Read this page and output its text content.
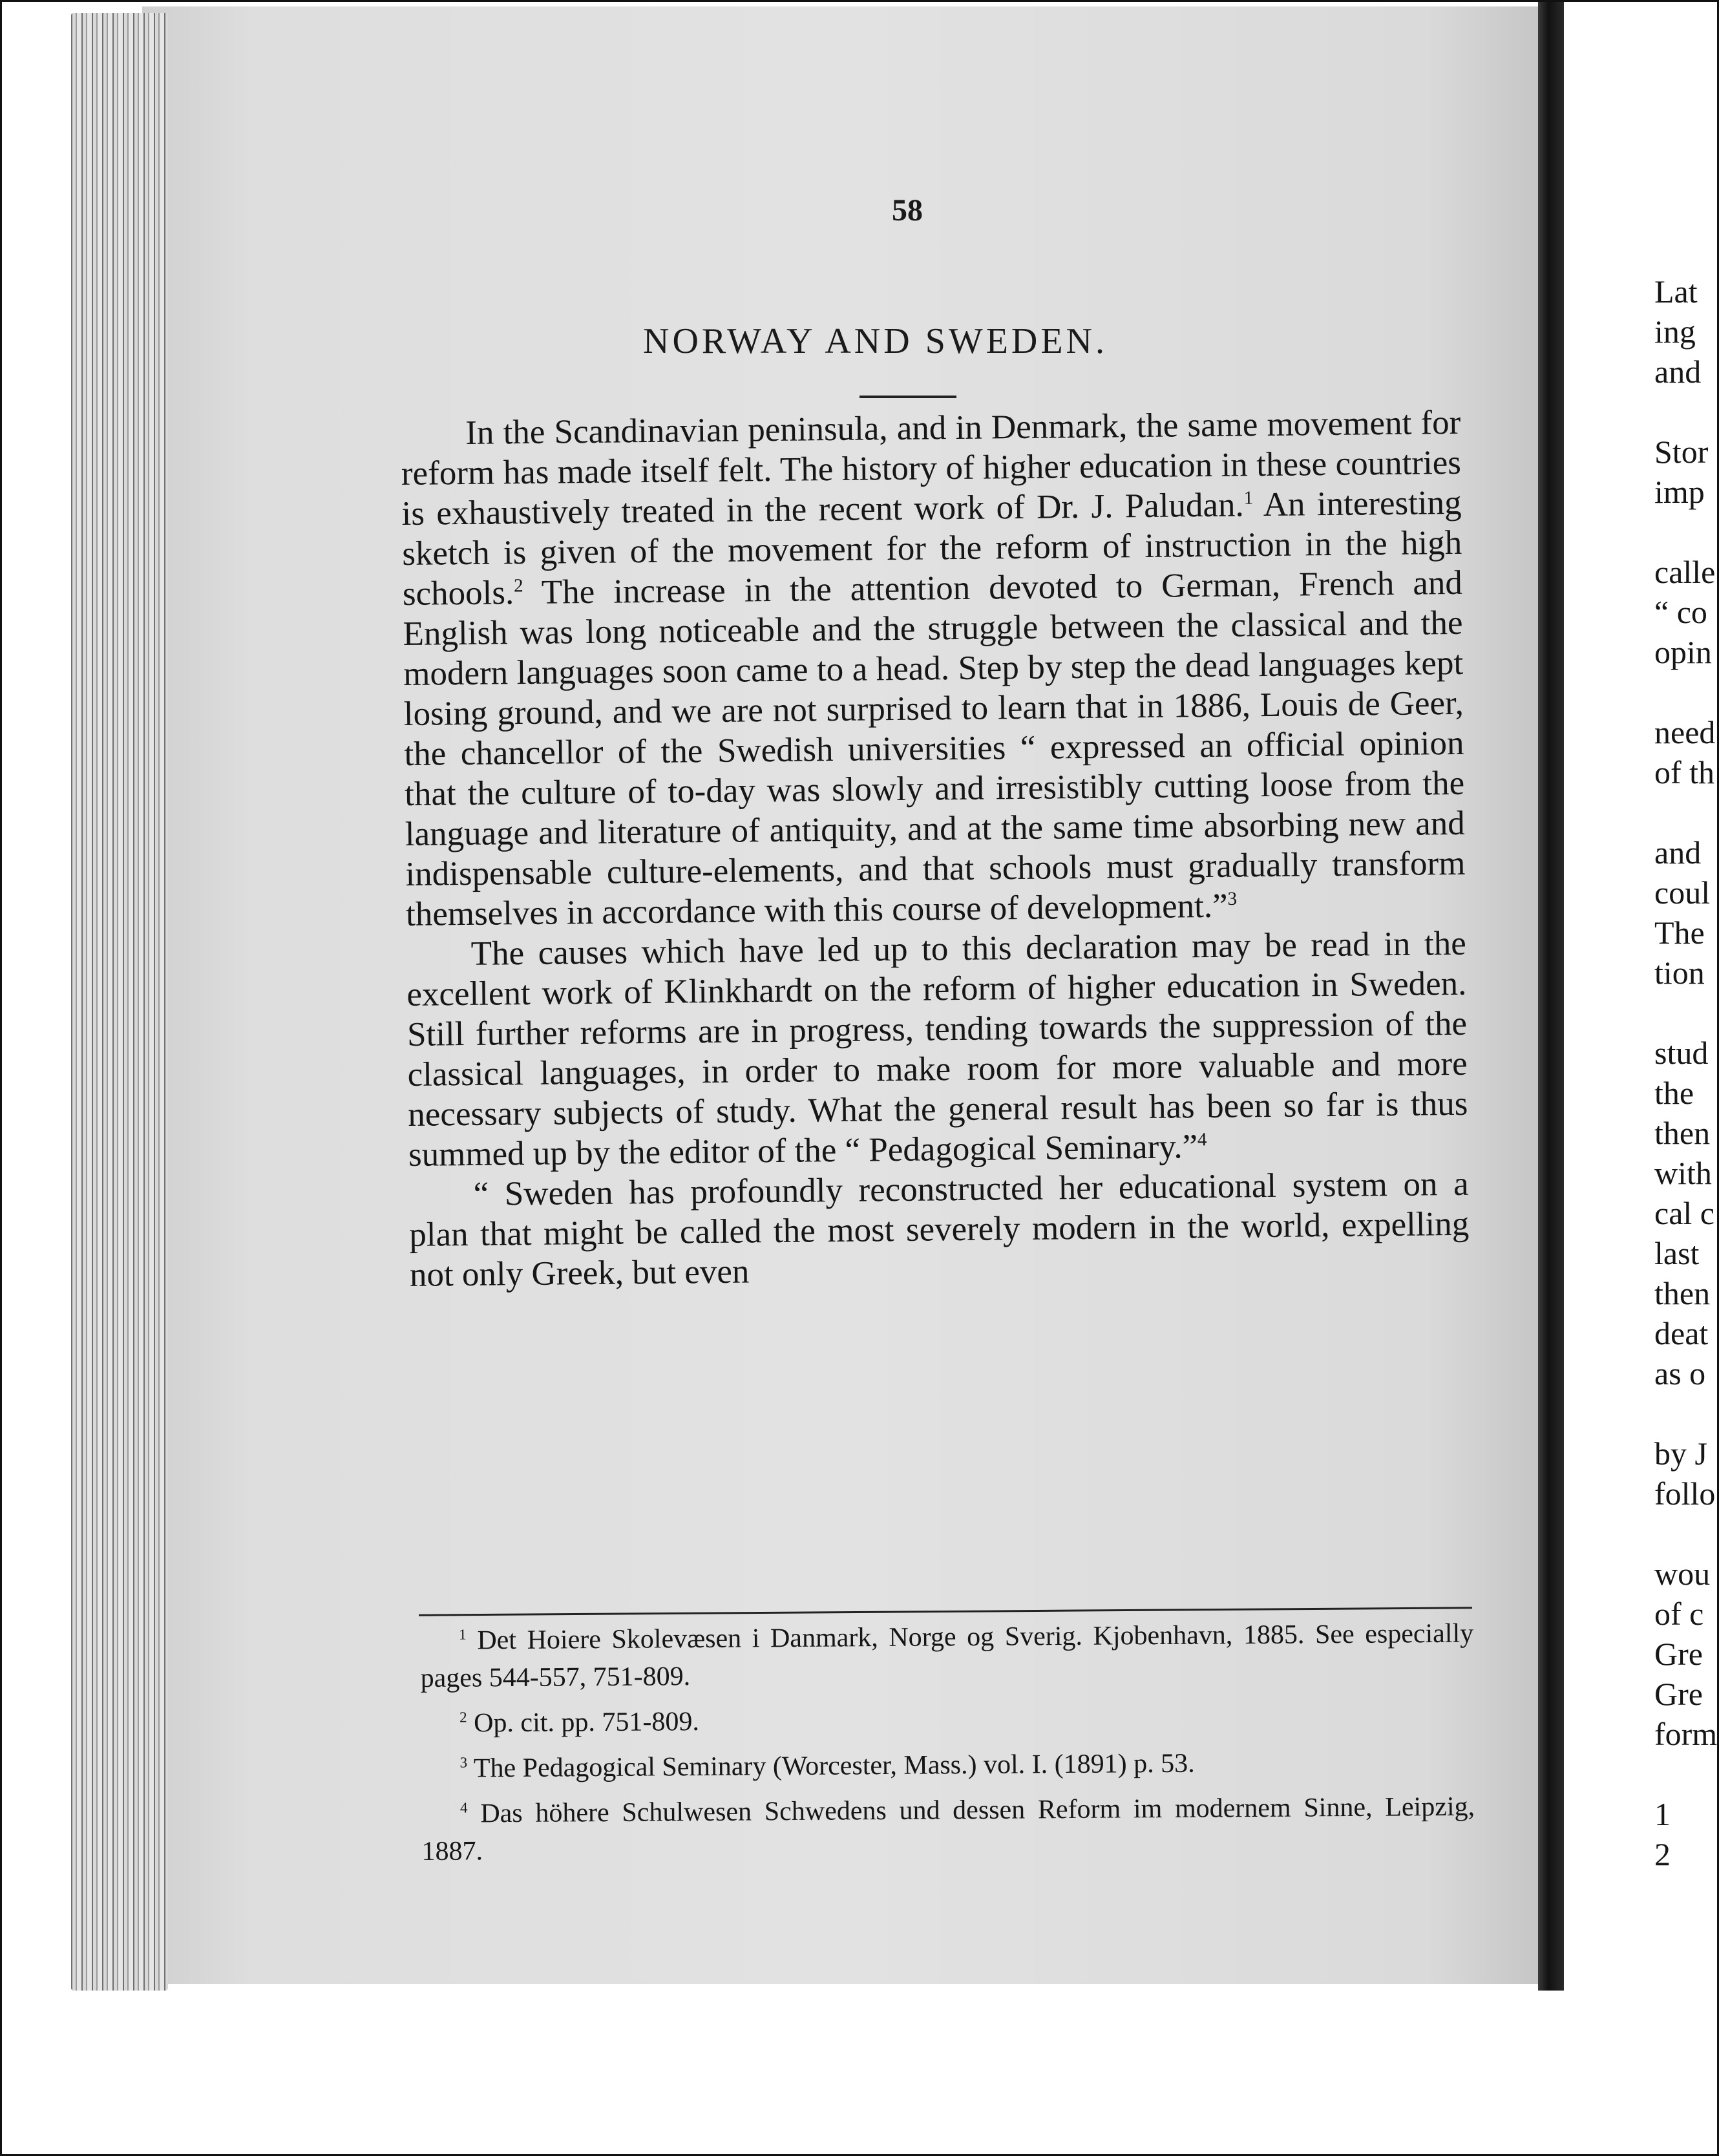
Lat
ing
and
Stor
imp
calle
“ co
opin
need
of th
and
coul
The
tion
stud
the
then
with
cal c
last
then
deat
as o
by J
follo
wou
of c
Gre
Gre
form
1
2
58
NORWAY AND SWEDEN.

In the Scandinavian peninsula, and in Denmark, the same movement for reform has made itself felt. The history of higher education in these countries is exhaustively treated in the recent work of Dr. J. Paludan.$^1$ An interesting sketch is given of the movement for the reform of instruction in the high schools.$^2$ The increase in the attention devoted to German, French and English was long noticeable and the struggle between the classical and the modern languages soon came to a head. Step by step the dead languages kept losing ground, and we are not surprised to learn that in 1886, Louis de Geer, the chancellor of the Swedish universities “ expressed an official opinion that the culture of to-day was slowly and irresistibly cutting loose from the language and literature of antiquity, and at the same time absorbing new and indispensable culture-elements, and that schools must gradually transform themselves in accordance with this course of development.”$^3$

The causes which have led up to this declaration may be read in the excellent work of Klinkhardt on the reform of higher education in Sweden. Still further reforms are in progress, tending towards the suppression of the classical languages, in order to make room for more valuable and more necessary subjects of study. What the general result has been so far is thus summed up by the editor of the “ Pedagogical Seminary.”$^4$

“ Sweden has profoundly reconstructed her educational system on a plan that might be called the most severely modern in the world, expelling not only Greek, but even

$^1$ Det Hoiere Skolevæsen i Danmark, Norge og Sverig. Kjobenhavn, 1885. See especially pages 544-557, 751-809.

$^2$ Op. cit. pp. 751-809.

$^3$ The Pedagogical Seminary (Worcester, Mass.) vol. I. (1891) p. 53.

$^4$ Das höhere Schulwesen Schwedens und dessen Reform im modernem Sinne, Leipzig, 1887.
